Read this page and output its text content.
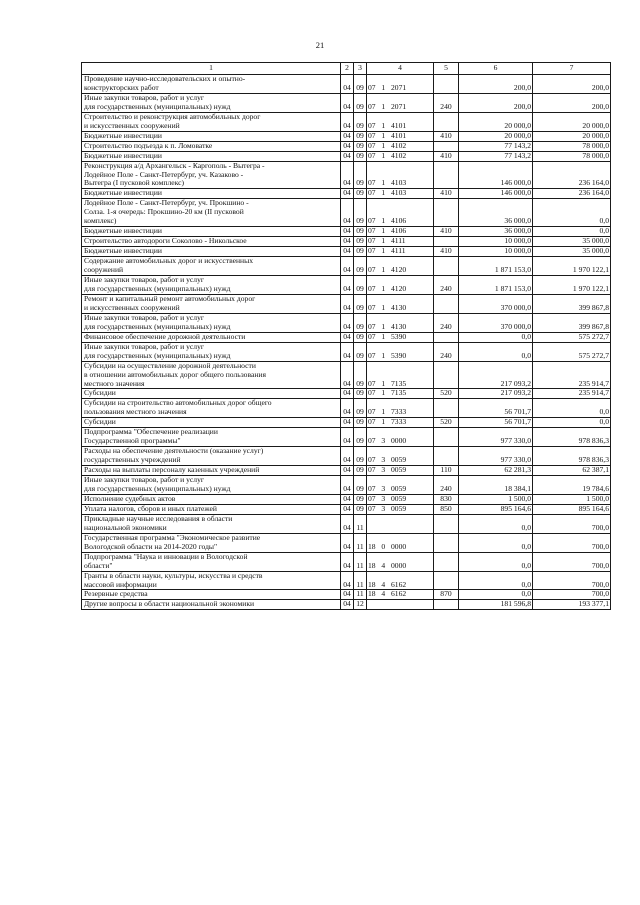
21
1	2	3	4	5	6	7
Проведение научно-исследовательских и опытно-
конструкторских работ	04	09	07  1  2071		200,0	200,0
Иные закупки товаров, работ и услуг
для государственных (муниципальных) нужд	04	09	07  1  2071	240	200,0	200,0
Строительство и реконструкция автомобильных дорог
и искусственных сооружений	04	09	07  1  4101		20 000,0	20 000,0
Бюджетные инвестиции	04	09	07  1  4101	410	20 000,0	20 000,0
Строительство подъезда к п. Ломоватке	04	09	07  1  4102		77 143,2	78 000,0
Бюджетные инвестиции	04	09	07  1  4102	410	77 143,2	78 000,0
Реконструкция а/д Архангельск - Каргополь - Вытегра -
Лодейное Поле - Санкт-Петербург, уч. Казаково -
Вытегра (I пусковой комплекс)	04	09	07  1  4103		146 000,0	236 164,0
Бюджетные инвестиции	04	09	07  1  4103	410	146 000,0	236 164,0
Лодейное Поле - Санкт-Петербург, уч. Прокшино -
Солза. 1-я очередь: Прокшино-20 км (II пусковой
комплекс)	04	09	07  1  4106		36 000,0	0,0
Бюджетные инвестиции	04	09	07  1  4106	410	36 000,0	0,0
Строительство автодороги Соколово - Никольское	04	09	07  1  4111		10 000,0	35 000,0
Бюджетные инвестиции	04	09	07  1  4111	410	10 000,0	35 000,0
Содержание автомобильных дорог и искусственных
сооружений	04	09	07  1  4120		1 871 153,0	1 970 122,1
Иные закупки товаров, работ и услуг
для государственных (муниципальных) нужд	04	09	07  1  4120	240	1 871 153,0	1 970 122,1
Ремонт и капитальный ремонт автомобильных дорог
и искусственных сооружений	04	09	07  1  4130		370 000,0	399 867,8
Иные закупки товаров, работ и услуг
для государственных (муниципальных) нужд	04	09	07  1  4130	240	370 000,0	399 867,8
Финансовое обеспечение дорожной деятельности	04	09	07  1  5390		0,0	575 272,7
Иные закупки товаров, работ и услуг
для государственных (муниципальных) нужд	04	09	07  1  5390	240	0,0	575 272,7
Субсидии на осуществление дорожной деятельности
в отношении автомобильных дорог общего пользования
местного значения	04	09	07  1  7135		217 093,2	235 914,7
Субсидии	04	09	07  1  7135	520	217 093,2	235 914,7
Субсидии на строительство автомобильных дорог общего
пользования местного значения	04	09	07  1  7333		56 701,7	0,0
Субсидии	04	09	07  1  7333	520	56 701,7	0,0
Подпрограмма "Обеспечение реализации
Государственной программы"	04	09	07  3  0000		977 330,0	978 836,3
Расходы на обеспечение деятельности (оказание услуг)
государственных учреждений	04	09	07  3  0059		977 330,0	978 836,3
Расходы на выплаты персоналу казенных учреждений	04	09	07  3  0059	110	62 281,3	62 387,1
Иные закупки товаров, работ и услуг
для государственных (муниципальных) нужд	04	09	07  3  0059	240	18 384,1	19 784,6
Исполнение судебных актов	04	09	07  3  0059	830	1 500,0	1 500,0
Уплата налогов, сборов и иных платежей	04	09	07  3  0059	850	895 164,6	895 164,6
Прикладные научные исследования в области
национальной экономики	04	11			0,0	700,0
Государственная программа "Экономическое развитие
Вологодской области на 2014-2020 годы"	04	11	18  0  0000		0,0	700,0
Подпрограмма "Наука и инновации в Вологодской
области"	04	11	18  4  0000		0,0	700,0
Гранты в области науки, культуры, искусства и средств
массовой информации	04	11	18  4  6162		0,0	700,0
Резервные средства	04	11	18  4  6162	870	0,0	700,0
Другие вопросы в области национальной экономики	04	12			181 596,8	193 377,1
